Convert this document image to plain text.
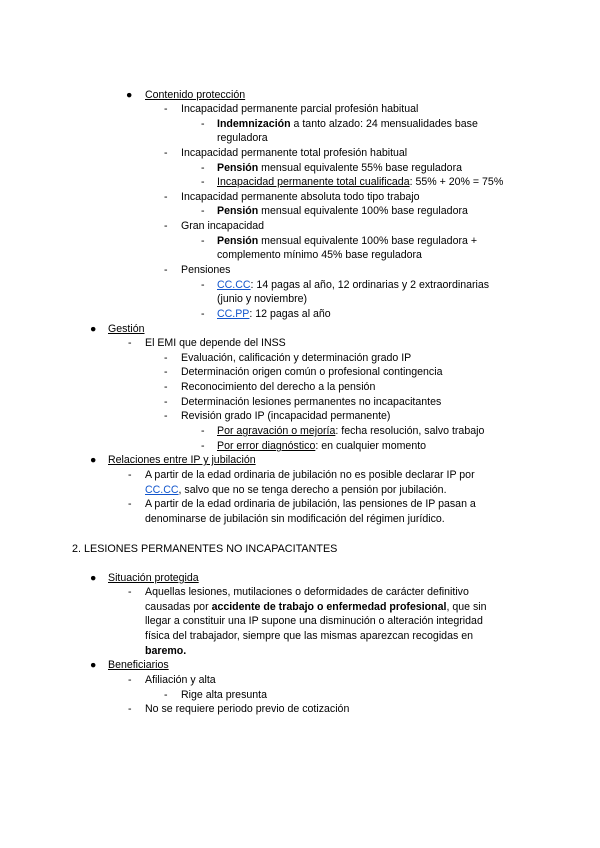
● Contenido protección
- Incapacidad permanente parcial profesión habitual
- Indemnización a tanto alzado: 24 mensualidades base
reguladora
- Incapacidad permanente total profesión habitual
- Pensión mensual equivalente 55% base reguladora
- Incapacidad permanente total cualificada: 55% + 20% = 75%
- Incapacidad permanente absoluta todo tipo trabajo
- Pensión mensual equivalente 100% base reguladora
- Gran incapacidad
- Pensión mensual equivalente 100% base reguladora +
complemento mínimo 45% base reguladora
- Pensiones
- CC.CC: 14 pagas al año, 12 ordinarias y 2 extraordinarias
(junio y noviembre)
- CC.PP: 12 pagas al año
● Gestión
- El EMI que depende del INSS
- Evaluación, calificación y determinación grado IP
- Determinación origen común o profesional contingencia
- Reconocimiento del derecho a la pensión
- Determinación lesiones permanentes no incapacitantes
- Revisión grado IP (incapacidad permanente)
- Por agravación o mejoría: fecha resolución, salvo trabajo
- Por error diagnóstico: en cualquier momento
● Relaciones entre IP y jubilación
- A partir de la edad ordinaria de jubilación no es posible declarar IP por
CC.CC, salvo que no se tenga derecho a pensión por jubilación.
- A partir de la edad ordinaria de jubilación, las pensiones de IP pasan a
denominarse de jubilación sin modificación del régimen jurídico.
2. LESIONES PERMANENTES NO INCAPACITANTES
● Situación protegida
- Aquellas lesiones, mutilaciones o deformidades de carácter definitivo
causadas por accidente de trabajo o enfermedad profesional, que sin
llegar a constituir una IP supone una disminución o alteración integridad
física del trabajador, siempre que las mismas aparezcan recogidas en
baremo.
● Beneficiarios
- Afiliación y alta
- Rige alta presunta
- No se requiere periodo previo de cotización
